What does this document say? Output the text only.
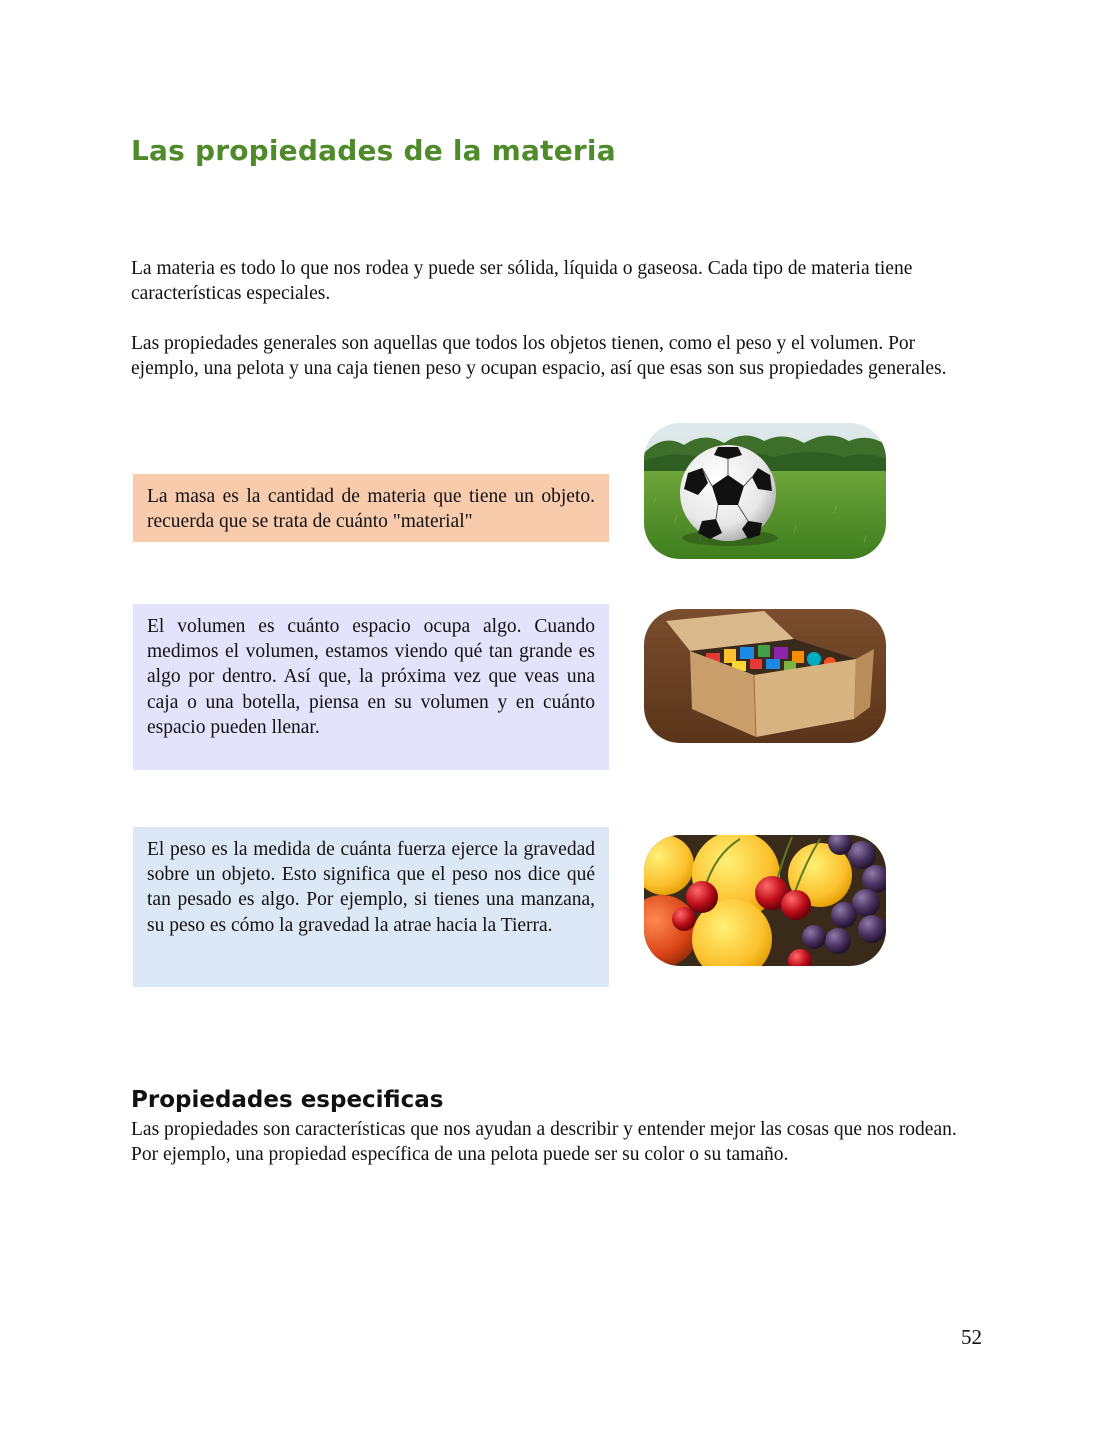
Las propiedades de la materia

La materia es todo lo que nos rodea y puede ser sólida, líquida o gaseosa. Cada tipo de materia tiene características especiales.

Las propiedades generales son aquellas que todos los objetos tienen, como el peso y el volumen. Por ejemplo, una pelota y una caja tienen peso y ocupan espacio, así que esas son sus propiedades generales.

La masa es la cantidad de materia que tiene un objeto. recuerda que se trata de cuánto "material"
El volumen es cuánto espacio ocupa algo. Cuando medimos el volumen, estamos viendo qué tan grande es algo por dentro. Así que, la próxima vez que veas una caja o una botella, piensa en su volumen y en cuánto espacio pueden llenar.
El peso es la medida de cuánta fuerza ejerce la gravedad sobre un objeto. Esto significa que el peso nos dice qué tan pesado es algo. Por ejemplo, si tienes una manzana, su peso es cómo la gravedad la atrae hacia la Tierra.
Propiedades especificas

Las propiedades son características que nos ayudan a describir y entender mejor las cosas que nos rodean. Por ejemplo, una propiedad específica de una pelota puede ser su color o su tamaño.

52
